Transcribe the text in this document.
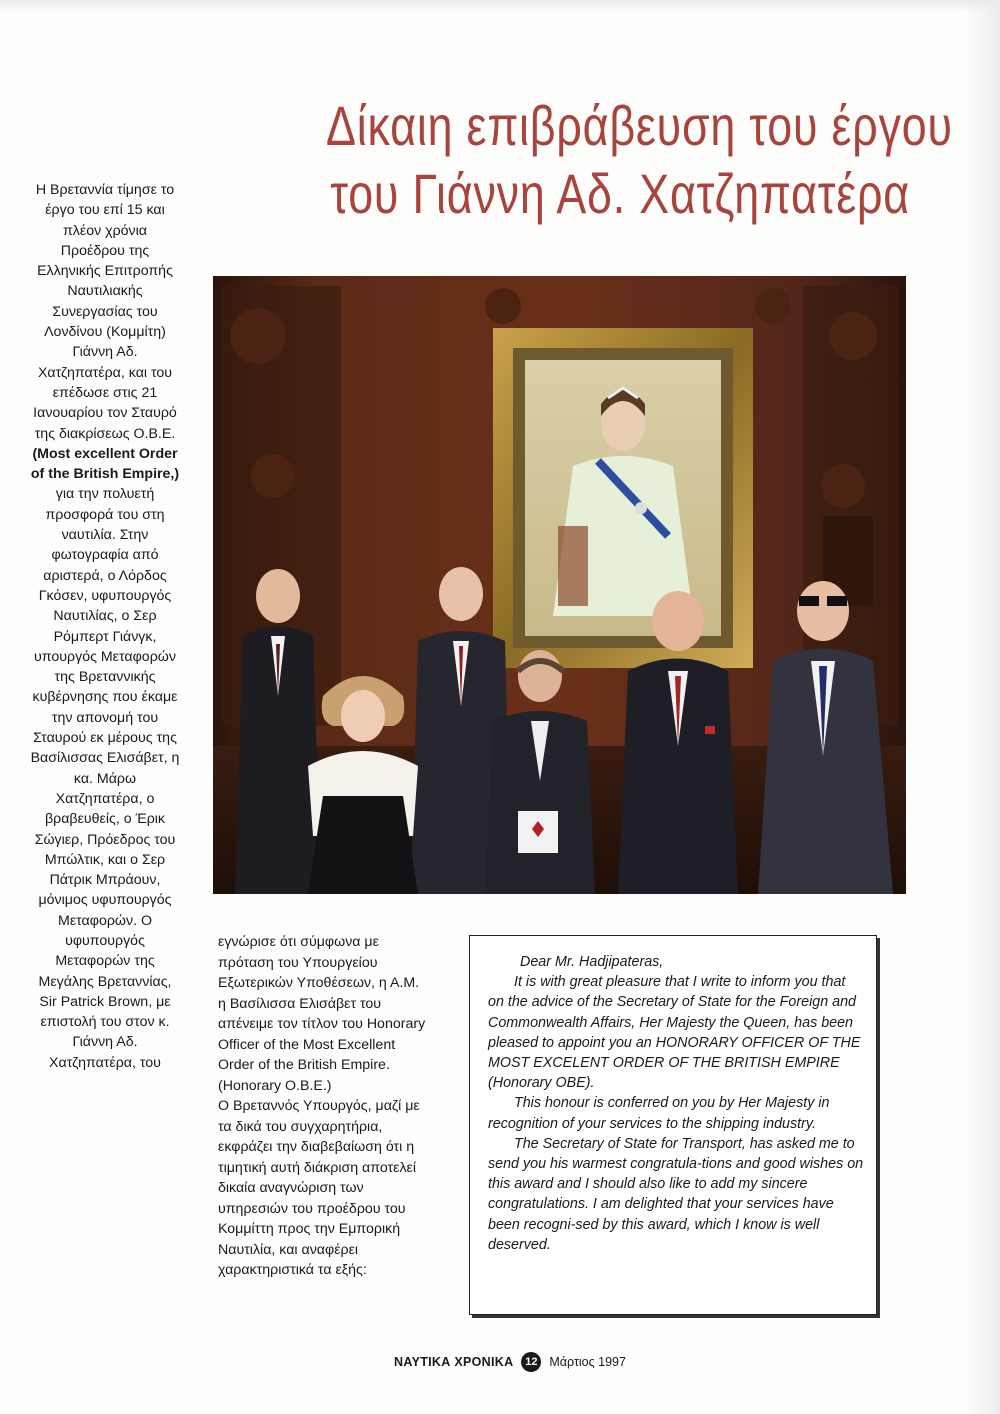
Δίκαιη επιβράβευση του έργου
του Γιάννη Αδ. Χατζηπατέρα

Η Βρετανvία τίμησε το έργο του επί 15 και πλέον χρόνια Προέδρου της Ελληνικής Επιτροπής Ναυτιλιακής Συνεργασίας του Λονδίνου (Κομμίτη) Γιάννη Αδ. Χατζηπατέρα, και του επέδωσε στις 21 Ιανουαρίου τον Σταυρό της διακρίσεως Ο.Β.Ε. (Most excellent Order of the British Empire,) για την πολυετή προσφορά του στη ναυτιλία. Στην φωτογραφία από αριστερά, ο Λόρδος Γκόσεν, υφυπουργός Ναυτιλίας, ο Σερ Ρόμπερτ Γιάνγκ, υπουργός Μεταφορών της Βρεταννικής κυβέρνησης που έκαμε την απονομή του Σταυρού εκ μέρους της Βασίλισσας Ελισάβετ, η κα. Μάρω Χατζηπατέρα, ο βραβευθείς, ο Έρικ Σώγιερ, Πρόεδρος του Μπώλτικ, και ο Σερ Πάτρικ Μπράουν, μόνιμος υφυπουργός Μεταφορών. Ο υφυπουργός Μεταφορών της Μεγάλης Βρεταννίας, Sir Patrick Brown, με επιστολή του στον κ. Γιάννη Αδ. Χατζηπατέρα, του

εγνώρισε ότι σύμφωνα με πρόταση του Υπουργείου Εξωτερικών Υποθέσεων, η Α.Μ. η Βασίλισσα Ελισάβετ του απένειμε τον τίτλον του Honorary Officer of the Most Excellent Order of the British Empire. (Honorary O.B.E.)

Ο Βρεταννός Υπουργός, μαζί με τα δικά του συγχαρητήρια, εκφράζει την διαβεβαίωση ότι η τιμητική αυτή διάκριση αποτελεί δικαία αναγνώριση των υπηρεσιών του προέδρου του Κομμίττη προς την Εμπορική Ναυτιλία, και αναφέρει χαρακτηριστικά τα εξής:

Dear Mr. Hadjipateras,

It is with great pleasure that I write to inform you that on the advice of the Secretary of State for the Foreign and Commonwealth Affairs, Her Majesty the Queen, has been pleased to appoint you an HONORARY OFFICER OF THE MOST EXCELENT ORDER OF THE BRITISH EMPIRE (Honorary OBE).

This honour is conferred on you by Her Majesty in recognition of your services to the shipping industry.

The Secretary of State for Transport, has asked me to send you his warmest congratula-tions and good wishes on this award and I should also like to add my sincere congratulations. I am delighted that your services have been recogni-sed by this award, which I know is well deserved.

ΝΑΥΤΙΚΑ ΧΡΟΝΙΚΑ	12 Μάρτιος 1997
